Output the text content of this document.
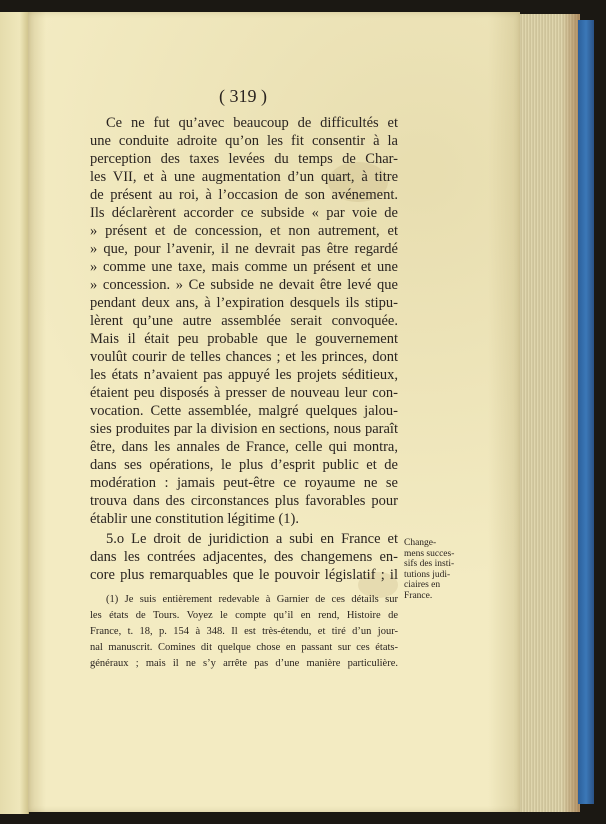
( 319 )

Ce ne fut qu’avec beaucoup de difficultés et

une conduite adroite qu’on les fit consentir à la

perception des taxes levées du temps de Char-

les VII, et à une augmentation d’un quart, à titre

de présent au roi, à l’occasion de son avénement.

Ils déclarèrent accorder ce subside « par voie de

» présent et de concession, et non autrement, et

» que, pour l’avenir, il ne devrait pas être regardé

» comme une taxe, mais comme un présent et une

» concession. » Ce subside ne devait être levé que

pendant deux ans, à l’expiration desquels ils stipu-

lèrent qu’une autre assemblée serait convoquée.

Mais il était peu probable que le gouvernement

voulût courir de telles chances ; et les princes, dont

les états n’avaient pas appuyé les projets séditieux,

étaient peu disposés à presser de nouveau leur con-

vocation. Cette assemblée, malgré quelques jalou-

sies produites par la division en sections, nous paraît

être, dans les annales de France, celle qui montra,

dans ses opérations, le plus d’esprit public et de

modération : jamais peut-être ce royaume ne se

trouva dans des circonstances plus favorables pour

établir une constitution légitime (1).

5.o Le droit de juridiction a subi en France et

dans les contrées adjacentes, des changemens en-

core plus remarquables que le pouvoir législatif ; il

Change-
mens succes-
sifs des insti-
tutions judi-
ciaires en
France.

(1) Je suis entièrement redevable à Garnier de ces détails sur

les états de Tours. Voyez le compte qu’il en rend, Histoire de

France, t. 18, p. 154 à 348. Il est très-étendu, et tiré d’un jour-

nal manuscrit. Comines dit quelque chose en passant sur ces états-

généraux ; mais il ne s’y arrête pas d’une manière particulière.
